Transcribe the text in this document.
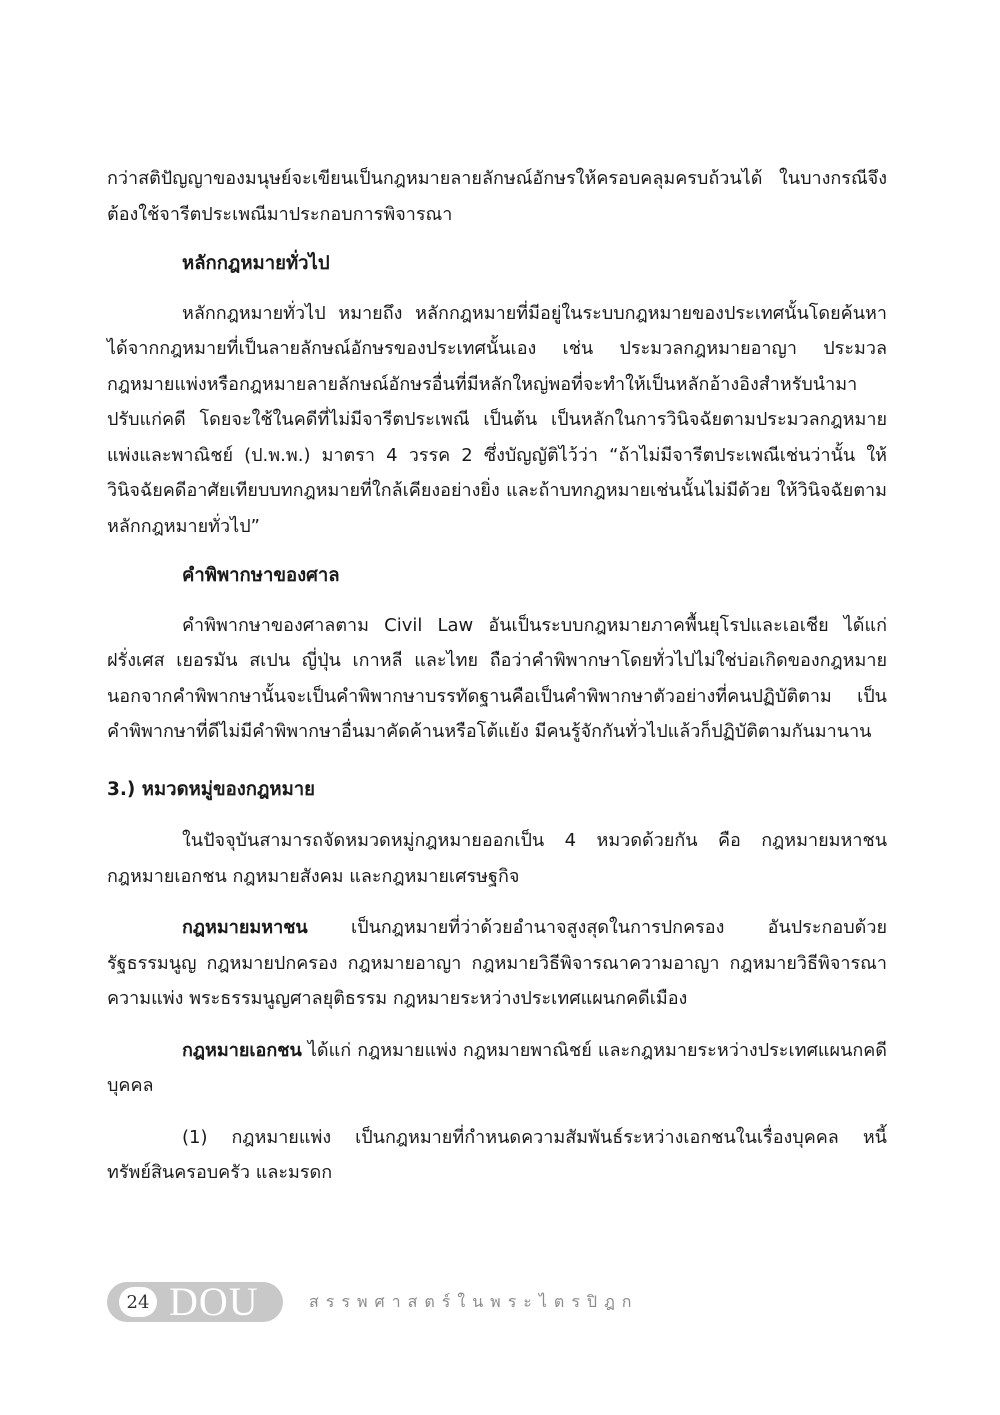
กว่าสติปัญญาของมนุษย์จะเขียนเป็นกฎหมายลายลักษณ์อักษรให้ครอบคลุมครบถ้วนได้ ในบางกรณีจึงต้องใช้จารีตประเพณีมาประกอบการพิจารณา

หลักกฎหมายทั่วไป

หลักกฎหมายทั่วไป หมายถึง หลักกฎหมายที่มีอยู่ในระบบกฎหมายของประเทศนั้นโดยค้นหาได้จากกฎหมายที่เป็นลายลักษณ์อักษรของประเทศนั้นเอง เช่น ประมวลกฎหมายอาญา ประมวลกฎหมายแพ่งหรือกฎหมายลายลักษณ์อักษรอื่นที่มีหลักใหญ่พอที่จะทำให้เป็นหลักอ้างอิงสำหรับนำมาปรับแก่คดี โดยจะใช้ในคดีที่ไม่มีจารีตประเพณี เป็นต้น เป็นหลักในการวินิจฉัยตามประมวลกฎหมายแพ่งและพาณิชย์ (ป.พ.พ.) มาตรา 4 วรรค 2 ซึ่งบัญญัติไว้ว่า “ถ้าไม่มีจารีตประเพณีเช่นว่านั้น ให้วินิจฉัยคดีอาศัยเทียบบทกฎหมายที่ใกล้เคียงอย่างยิ่ง และถ้าบทกฎหมายเช่นนั้นไม่มีด้วย ให้วินิจฉัยตามหลักกฎหมายทั่วไป”

คำพิพากษาของศาล

คำพิพากษาของศาลตาม Civil Law อันเป็นระบบกฎหมายภาคพื้นยุโรปและเอเชีย ได้แก่ ฝรั่งเศส เยอรมัน สเปน ญี่ปุ่น เกาหลี และไทย ถือว่าคำพิพากษาโดยทั่วไปไม่ใช่บ่อเกิดของกฎหมาย นอกจากคำพิพากษานั้นจะเป็นคำพิพากษาบรรทัดฐานคือเป็นคำพิพากษาตัวอย่างที่คนปฏิบัติตาม เป็นคำพิพากษาที่ดีไม่มีคำพิพากษาอื่นมาคัดค้านหรือโต้แย้ง มีคนรู้จักกันทั่วไปแล้วก็ปฏิบัติตามกันมานาน

3.) หมวดหมู่ของกฎหมาย

ในปัจจุบันสามารถจัดหมวดหมู่กฎหมายออกเป็น 4 หมวดด้วยกัน คือ กฎหมายมหาชน กฎหมายเอกชน กฎหมายสังคม และกฎหมายเศรษฐกิจ

กฎหมายมหาชน เป็นกฎหมายที่ว่าด้วยอำนาจสูงสุดในการปกครอง อันประกอบด้วย รัฐธรรมนูญ กฎหมายปกครอง กฎหมายอาญา กฎหมายวิธีพิจารณาความอาญา กฎหมายวิธีพิจารณาความแพ่ง พระธรรมนูญศาลยุติธรรม กฎหมายระหว่างประเทศแผนกคดีเมือง

กฎหมายเอกชน ได้แก่ กฎหมายแพ่ง กฎหมายพาณิชย์ และกฎหมายระหว่างประเทศแผนกคดีบุคคล

(1) กฎหมายแพ่ง เป็นกฎหมายที่กำหนดความสัมพันธ์ระหว่างเอกชนในเรื่องบุคคล หนี้ ทรัพย์สินครอบครัว และมรดก

24 DOU	สรรพศาสตร์ในพระไตรปิฎก
